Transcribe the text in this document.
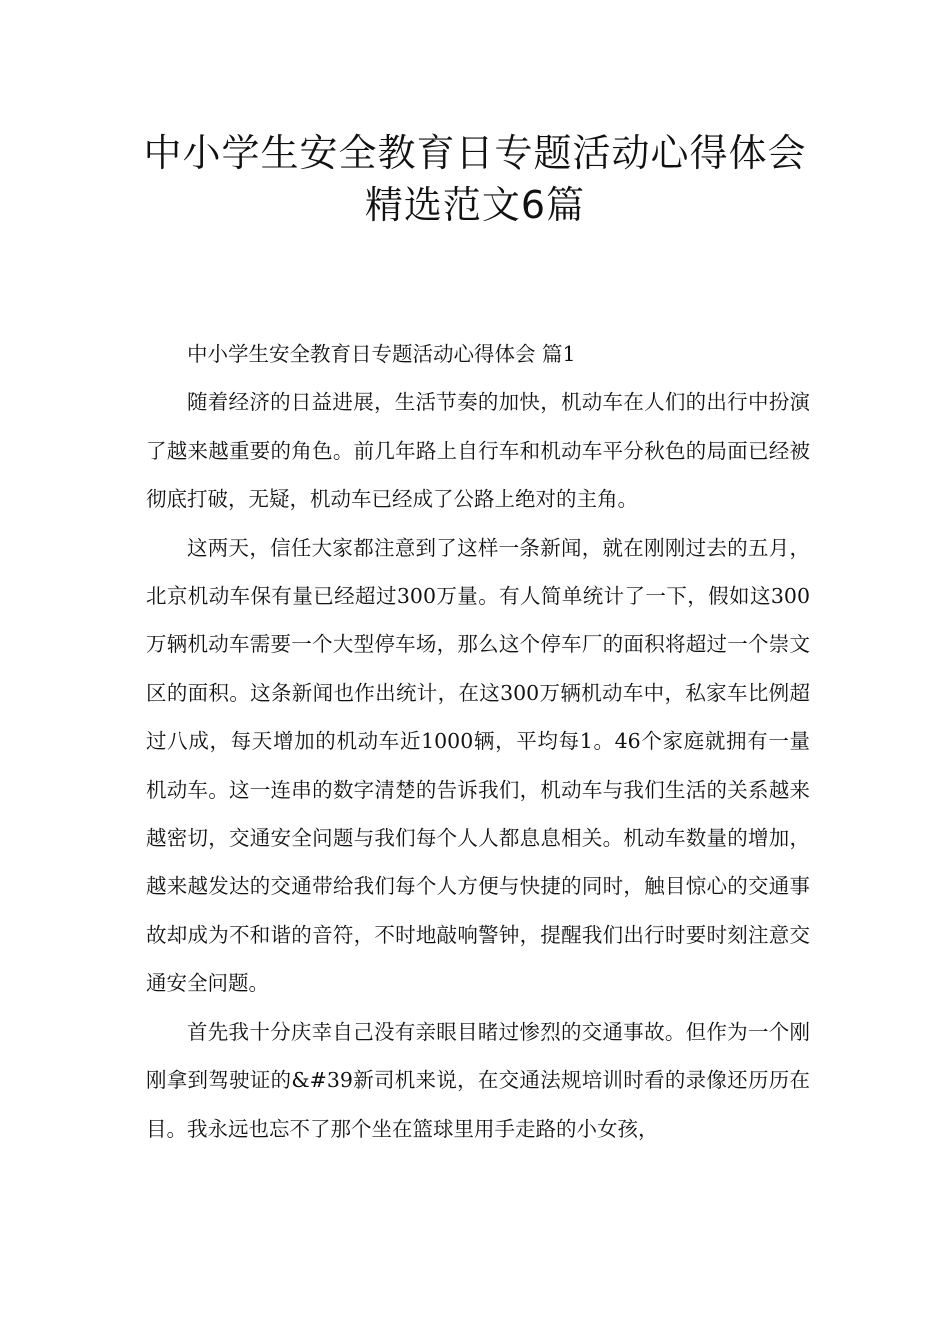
中小学生安全教育日专题活动心得体会
精选范文6篇

中小学生安全教育日专题活动心得体会 篇1

随着经济的日益进展，生活节奏的加快，机动车在人们的出行中扮演了越来越重要的角色。前几年路上自行车和机动车平分秋色的局面已经被彻底打破，无疑，机动车已经成了公路上绝对的主角。

这两天，信任大家都注意到了这样一条新闻，就在刚刚过去的五月，北京机动车保有量已经超过300万量。有人简单统计了一下，假如这300万辆机动车需要一个大型停车场，那么这个停车厂的面积将超过一个崇文区的面积。这条新闻也作出统计，在这300万辆机动车中，私家车比例超过八成，每天增加的机动车近1000辆，平均每1。46个家庭就拥有一量机动车。这一连串的数字清楚的告诉我们，机动车与我们生活的关系越来越密切，交通安全问题与我们每个人人都息息相关。机动车数量的增加，越来越发达的交通带给我们每个人方便与快捷的同时，触目惊心的交通事故却成为不和谐的音符，不时地敲响警钟，提醒我们出行时要时刻注意交通安全问题。

首先我十分庆幸自己没有亲眼目睹过惨烈的交通事故。但作为一个刚刚拿到驾驶证的&#39新司机来说，在交通法规培训时看的录像还历历在目。我永远也忘不了那个坐在篮球里用手走路的小女孩，
